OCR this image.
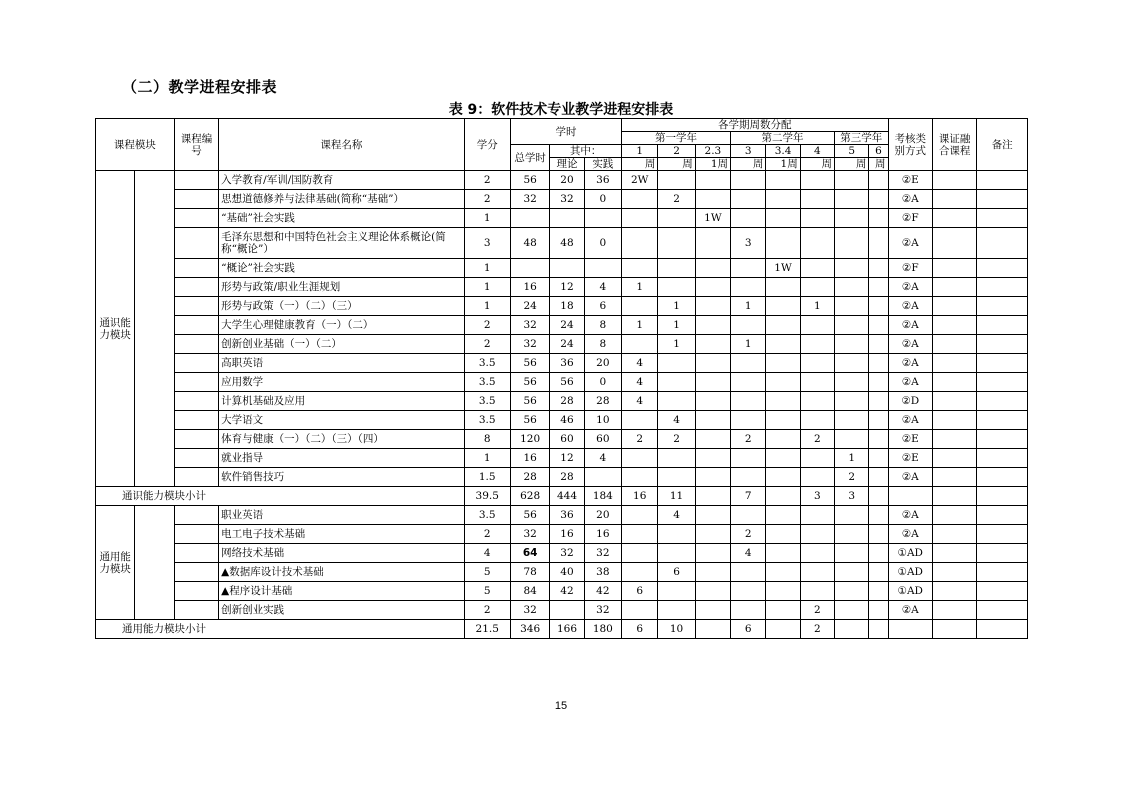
（二）教学进程安排表
表 9：软件技术专业教学进程安排表
课程模块		课程编号	课程名称	学分	学时			各学期周数分配								考核类别方式	课证融合课程	备注
								第一学年			第二学年			第三学年				
					总学时	其中：		1	2	2.3	3	3.4	4	5	6			
						理论	实践	周	周	1周	周	1周	周	周	周			
通识能力模块			入学教育/军训/国防教育	2	56	20	36	2W								②E		
			思想道德修养与法律基础(简称“基础”）	2	32	32	0		2							②A		
			“基础”社会实践	1						1W						②F		
			毛泽东思想和中国特色社会主义理论体系概论(简称“概论”）	3	48	48	0				3					②A		
			“概论”社会实践	1								1W				②F		
			形势与政策/职业生涯规划	1	16	12	4	1								②A		
			形势与政策（一）（二）（三）	1	24	18	6		1		1		1			②A		
			大学生心理健康教育（一）（二）	2	32	24	8	1	1							②A		
			创新创业基础（一）（二）	2	32	24	8		1		1					②A		
			高职英语	3.5	56	36	20	4								②A		
			应用数学	3.5	56	56	0	4								②A		
			计算机基础及应用	3.5	56	28	28	4								②D		
			大学语文	3.5	56	46	10		4							②A		
			体育与健康（一）（二）（三）（四）	8	120	60	60	2	2		2		2			②E		
			就业指导	1	16	12	4							1		②E		
			软件销售技巧	1.5	28	28								2		②A		
通识能力模块小计				39.5	628	444	184	16	11		7		3	3				
通用能力模块			职业英语	3.5	56	36	20		4							②A		
			电工电子技术基础	2	32	16	16				2					②A		
			网络技术基础	4	64	32	32				4					①AD		
			▲数据库设计技术基础	5	78	40	38		6							①AD		
			▲程序设计基础	5	84	42	42	6								①AD		
			创新创业实践	2	32		32						2			②A		
通用能力模块小计				21.5	346	166	180	6	10		6		2					
15
